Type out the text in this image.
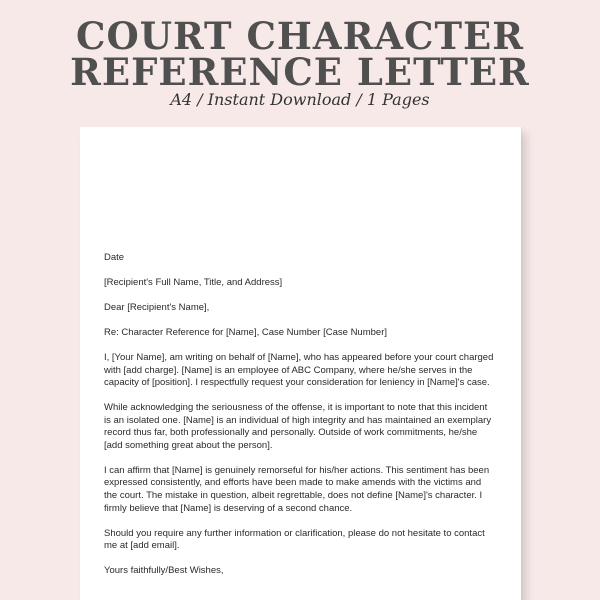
COURT CHARACTER
REFERENCE LETTER
A4 / Instant Download / 1 Pages

Date

[Recipient's Full Name, Title, and Address]

Dear [Recipient's Name],

Re: Character Reference for [Name], Case Number [Case Number]

I, [Your Name], am writing on behalf of [Name], who has appeared before your court charged with [add charge]. [Name] is an employee of ABC Company, where he/she serves in the capacity of [position]. I respectfully request your consideration for leniency in [Name]'s case.

While acknowledging the seriousness of the offense, it is important to note that this incident is an isolated one. [Name] is an individual of high integrity and has maintained an exemplary record thus far, both professionally and personally. Outside of work commitments, he/she [add something great about the person].

I can affirm that [Name] is genuinely remorseful for his/her actions. This sentiment has been expressed consistently, and efforts have been made to make amends with the victims and the court. The mistake in question, albeit regrettable, does not define [Name]'s character. I firmly believe that [Name] is deserving of a second chance.

Should you require any further information or clarification, please do not hesitate to contact me at [add email].

Yours faithfully/Best Wishes,
